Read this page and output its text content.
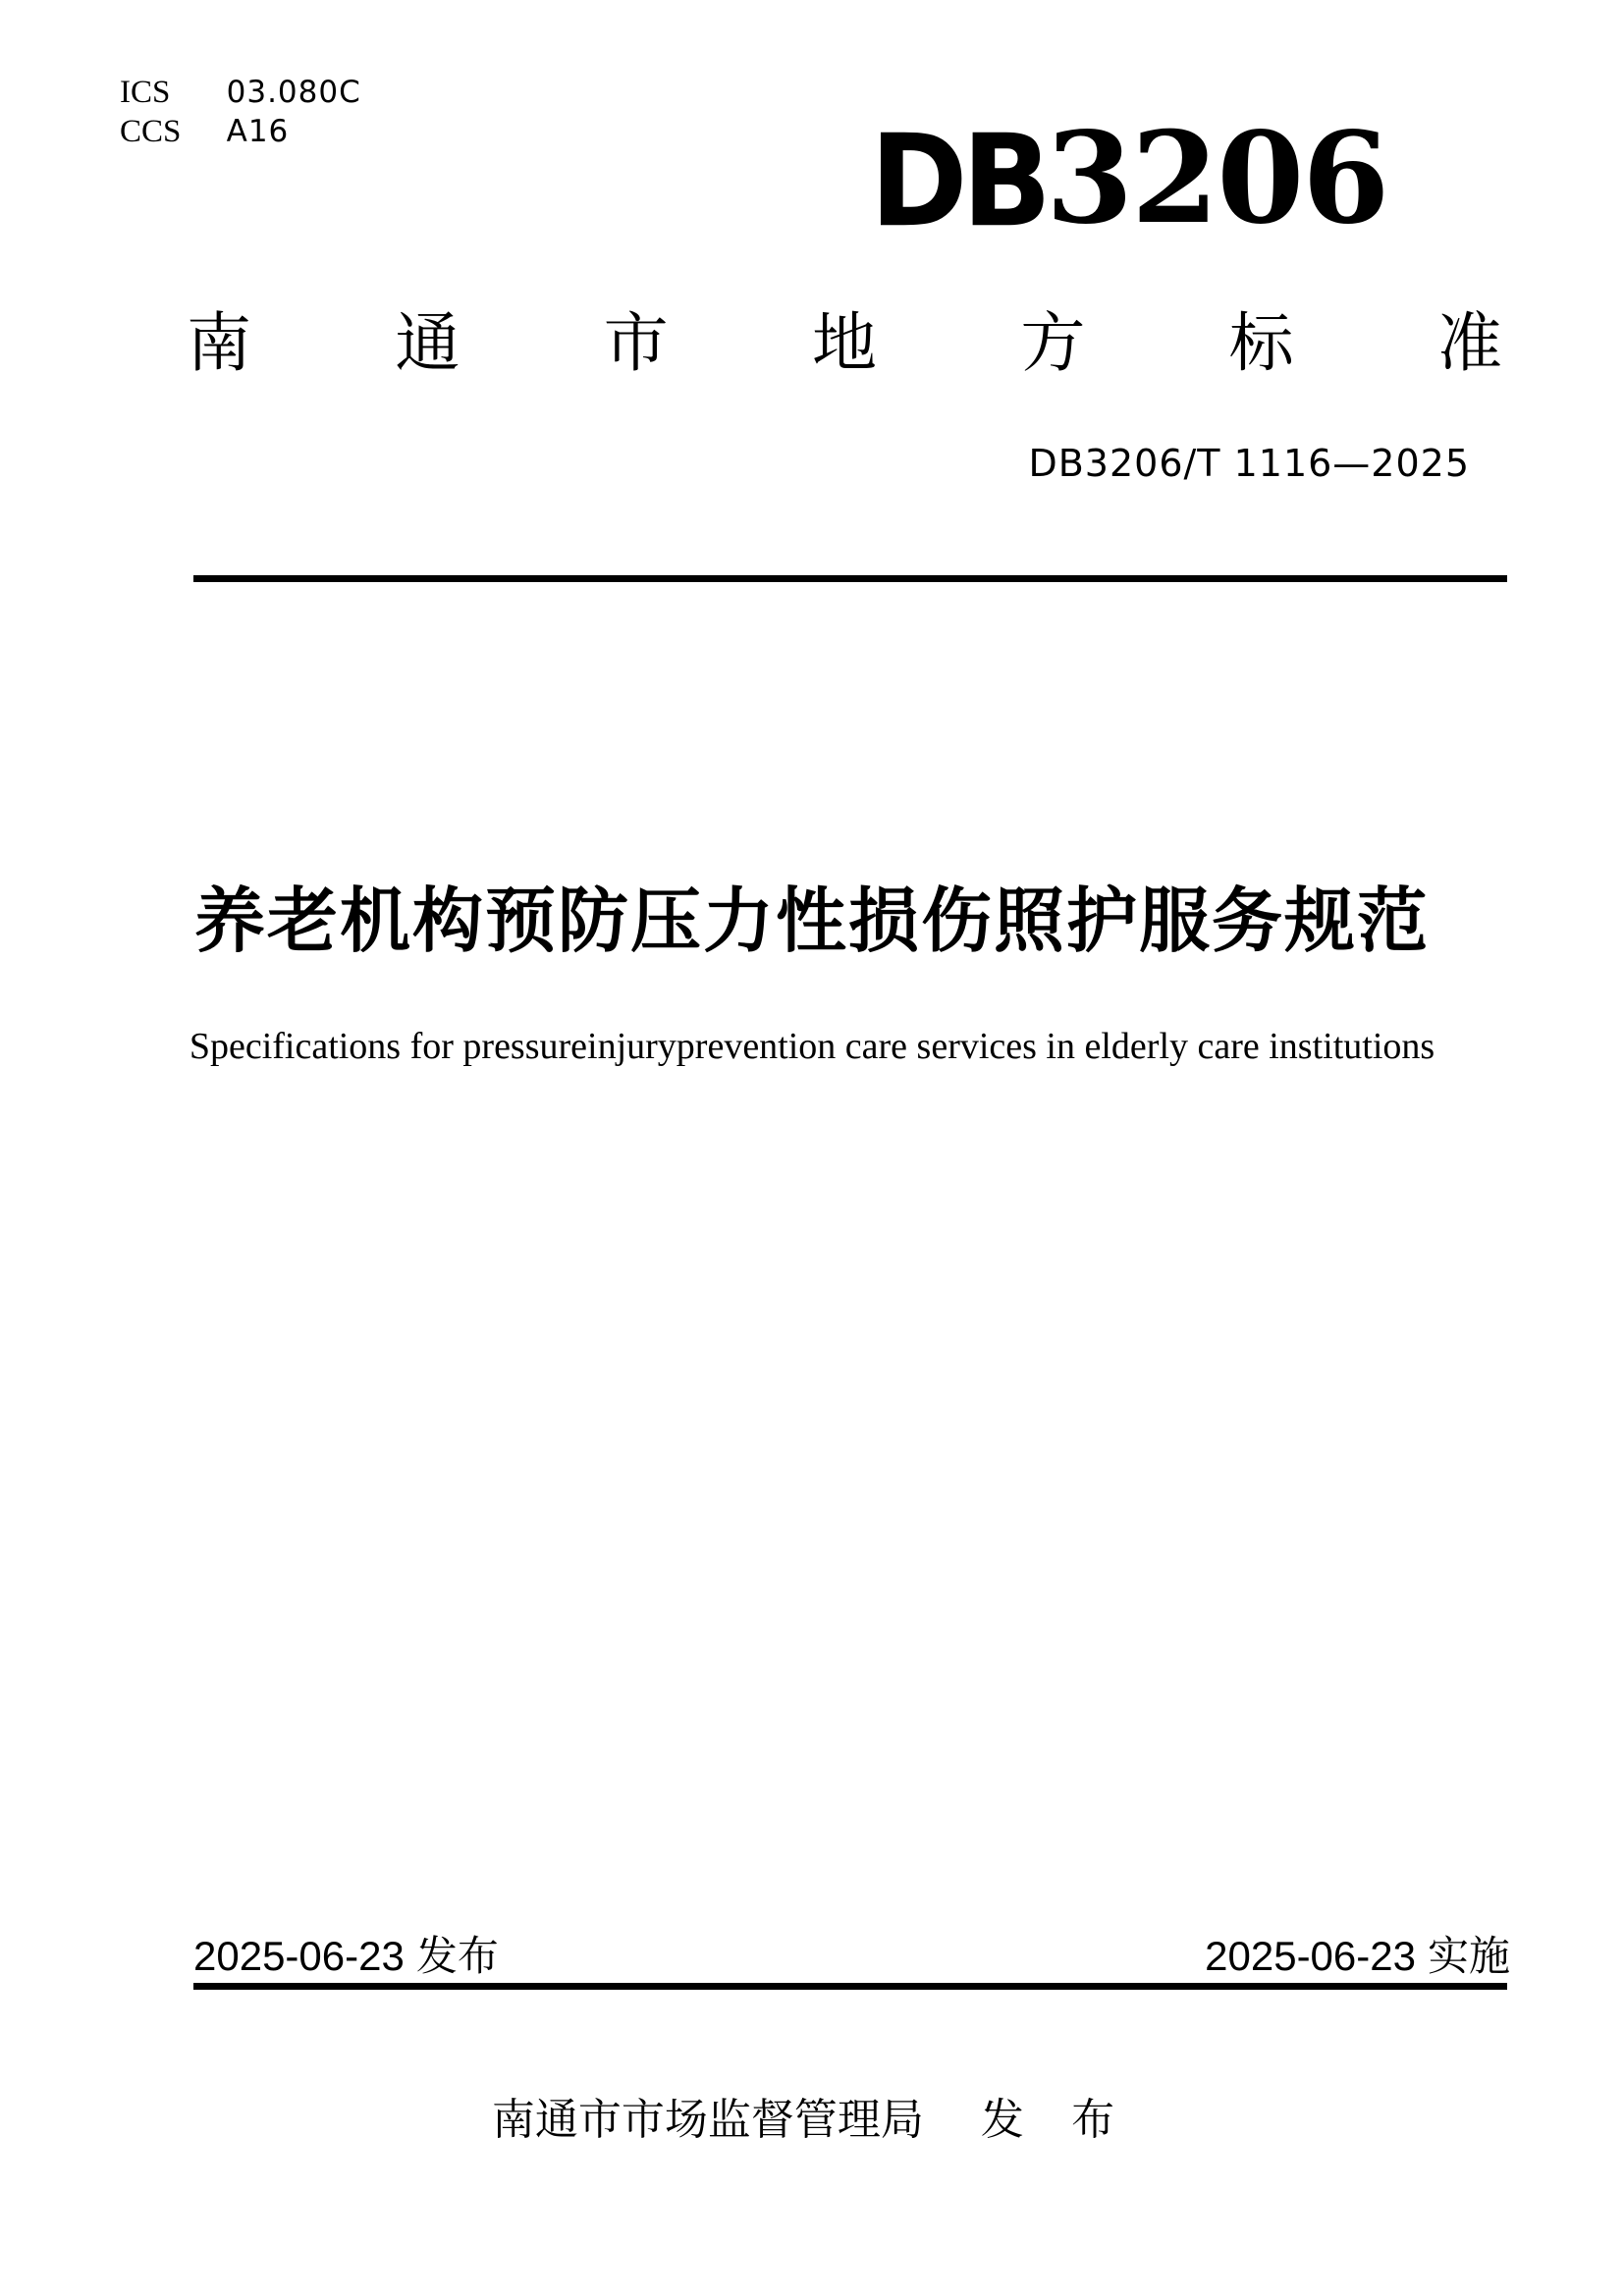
ICS 03.080C
CCS A16	DB3206
南 通 市 地 方 标 准
DB3206/T 1116—2025
养老机构预防压力性损伤照护服务规范
Specifications for pressureinjuryprevention care services in elderly care institutions
2025-06-23 发布	2025-06-23 实施
南通市市场监督管理局 发 布
